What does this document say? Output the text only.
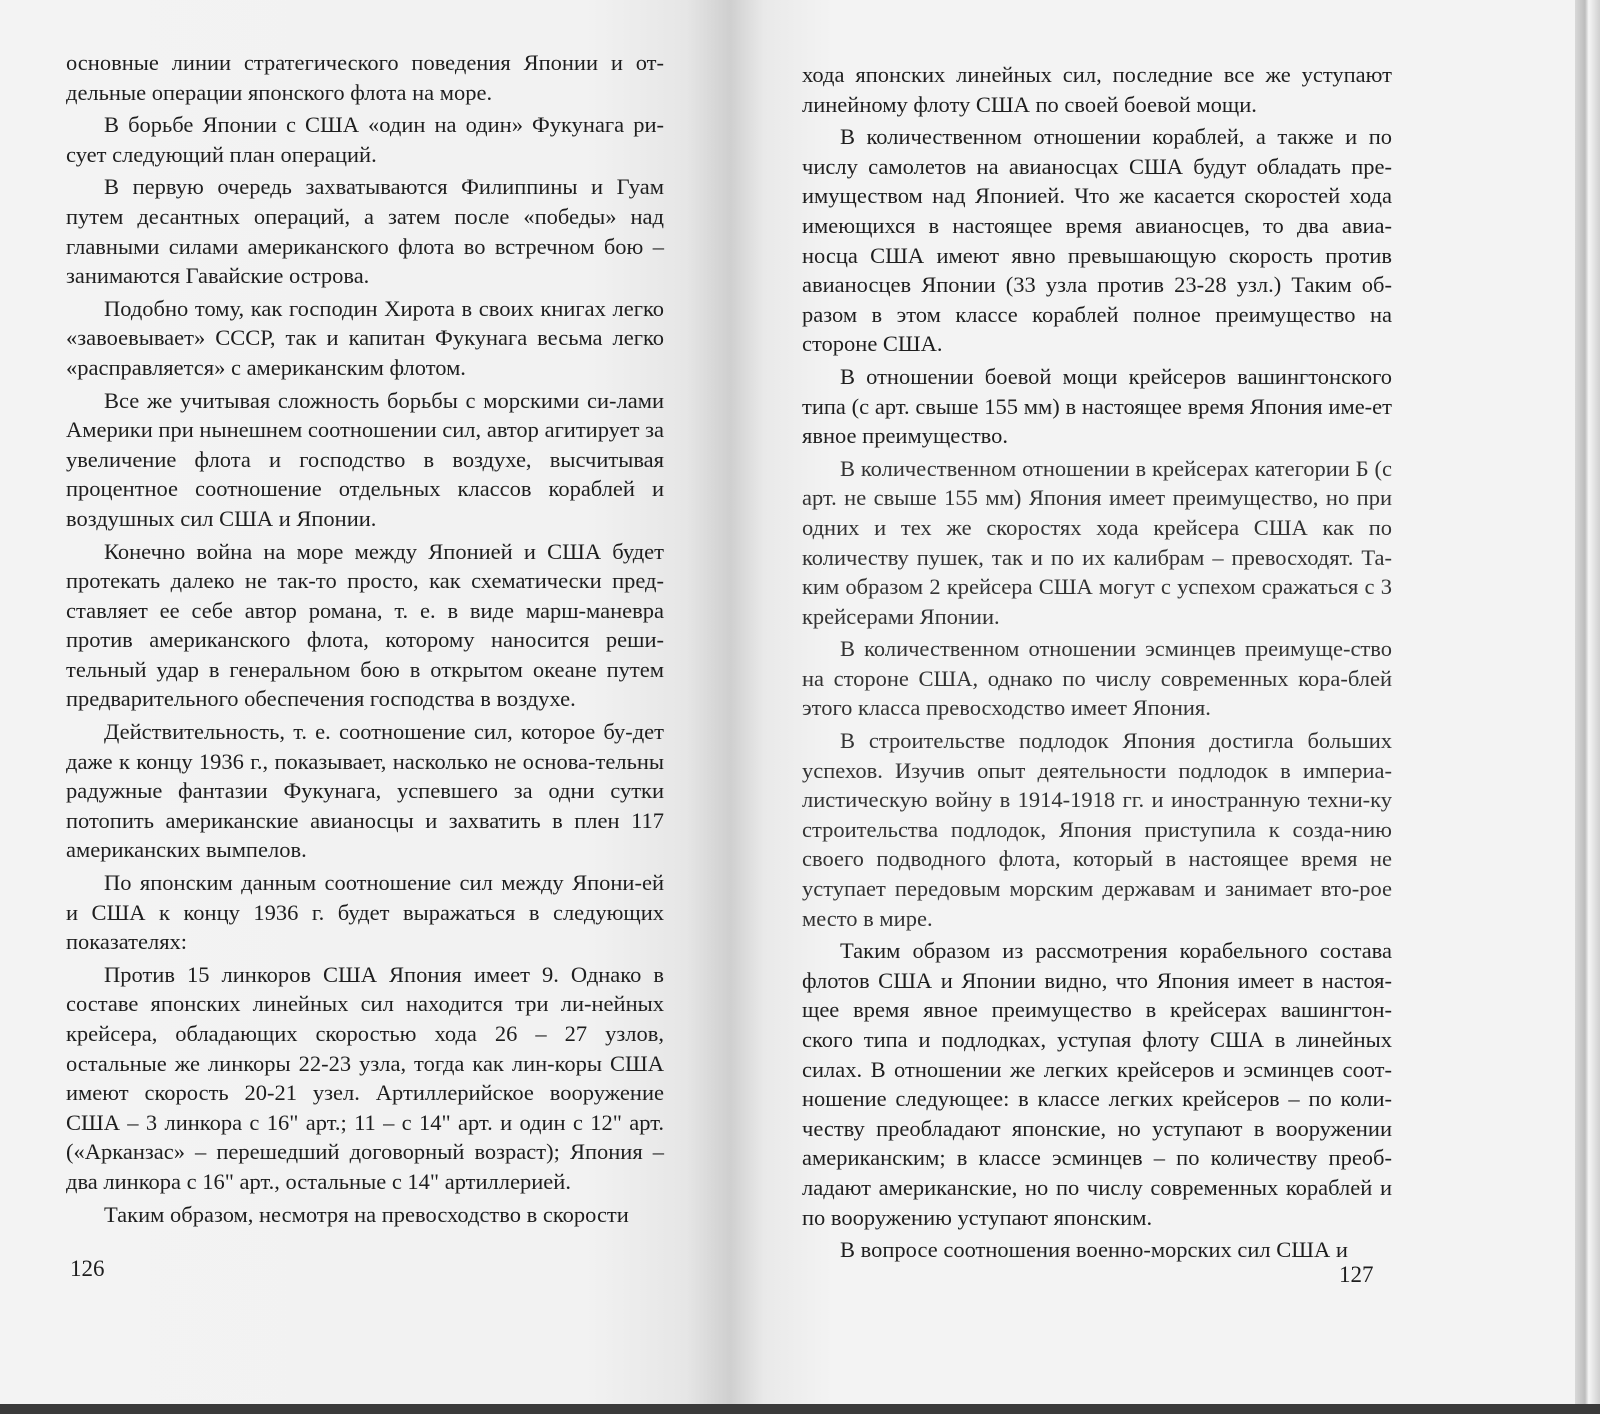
основные линии стратегического поведения Японии и от-дельные операции японского флота на море.

В борьбе Японии с США «один на один» Фукунага ри-сует следующий план операций.

В первую очередь захватываются Филиппины и Гуам путем десантных операций, а затем после «победы» над главными силами американского флота во встречном бою – занимаются Гавайские острова.

Подобно тому, как господин Хирота в своих книгах легко «завоевывает» СССР, так и капитан Фукунага весьма легко «расправляется» с американским флотом.

Все же учитывая сложность борьбы с морскими си-лами Америки при нынешнем соотношении сил, автор агитирует за увеличение флота и господство в воздухе, высчитывая процентное соотношение отдельных классов кораблей и воздушных сил США и Японии.

Конечно война на море между Японией и США будет протекать далеко не так-то просто, как схематически пред-ставляет ее себе автор романа, т. е. в виде марш-маневра против американского флота, которому наносится реши-тельный удар в генеральном бою в открытом океане путем предварительного обеспечения господства в воздухе.

Действительность, т. е. соотношение сил, которое бу-дет даже к концу 1936 г., показывает, насколько не основа-тельны радужные фантазии Фукунага, успевшего за одни сутки потопить американские авианосцы и захватить в плен 117 американских вымпелов.

По японским данным соотношение сил между Япони-ей и США к концу 1936 г. будет выражаться в следующих показателях:

Против 15 линкоров США Япония имеет 9. Однако в составе японских линейных сил находится три ли-нейных крейсера, обладающих скоростью хода 26 – 27 узлов, остальные же линкоры 22-23 узла, тогда как лин-коры США имеют скорость 20-21 узел. Артиллерийское вооружение США – 3 линкора с 16" арт.; 11 – с 14" арт. и один с 12" арт. («Арканзас» – перешедший договорный возраст); Япония – два линкора с 16" арт., остальные с 14" артиллерией.

Таким образом, несмотря на превосходство в скорости

126

хода японских линейных сил, последние все же уступают линейному флоту США по своей боевой мощи.

В количественном отношении кораблей, а также и по числу самолетов на авианосцах США будут обладать пре-имуществом над Японией. Что же касается скоростей хода имеющихся в настоящее время авианосцев, то два авиа-носца США имеют явно превышающую скорость против авианосцев Японии (33 узла против 23-28 узл.) Таким об-разом в этом классе кораблей полное преимущество на стороне США.

В отношении боевой мощи крейсеров вашингтонского типа (с арт. свыше 155 мм) в настоящее время Япония име-ет явное преимущество.

В количественном отношении в крейсерах категории Б (с арт. не свыше 155 мм) Япония имеет преимущество, но при одних и тех же скоростях хода крейсера США как по количеству пушек, так и по их калибрам – превосходят. Та-ким образом 2 крейсера США могут с успехом сражаться с 3 крейсерами Японии.

В количественном отношении эсминцев преимуще-ство на стороне США, однако по числу современных кора-блей этого класса превосходство имеет Япония.

В строительстве подлодок Япония достигла больших успехов. Изучив опыт деятельности подлодок в империа-листическую войну в 1914-1918 гг. и иностранную техни-ку строительства подлодок, Япония приступила к созда-нию своего подводного флота, который в настоящее время не уступает передовым морским державам и занимает вто-рое место в мире.

Таким образом из рассмотрения корабельного состава флотов США и Японии видно, что Япония имеет в настоя-щее время явное преимущество в крейсерах вашингтон-ского типа и подлодках, уступая флоту США в линейных силах. В отношении же легких крейсеров и эсминцев соот-ношение следующее: в классе легких крейсеров – по коли-честву преобладают японские, но уступают в вооружении американским; в классе эсминцев – по количеству преоб-ладают американские, но по числу современных кораблей и по вооружению уступают японским.

В вопросе соотношения военно-морских сил США и

127
